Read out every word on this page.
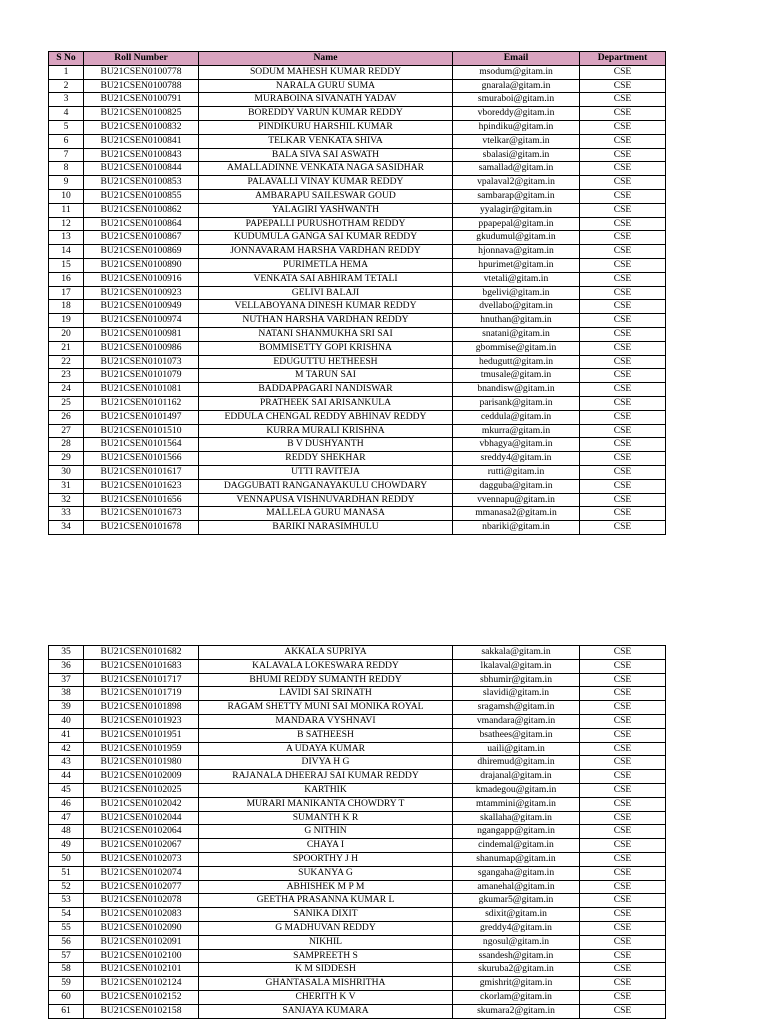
S No	Roll Number	Name	Email	Department
1	BU21CSEN0100778	SODUM MAHESH KUMAR REDDY	msodum@gitam.in	CSE
2	BU21CSEN0100788	NARALA GURU SUMA	gnarala@gitam.in	CSE
3	BU21CSEN0100791	MURABOINA SIVANATH YADAV	smuraboi@gitam.in	CSE
4	BU21CSEN0100825	BOREDDY VARUN KUMAR REDDY	vboreddy@gitam.in	CSE
5	BU21CSEN0100832	PINDIKURU HARSHIL KUMAR	hpindiku@gitam.in	CSE
6	BU21CSEN0100841	TELKAR VENKATA SHIVA	vtelkar@gitam.in	CSE
7	BU21CSEN0100843	BALA SIVA SAI ASWATH	sbalasi@gitam.in	CSE
8	BU21CSEN0100844	AMALLADINNE VENKATA NAGA SASIDHAR	samallad@gitam.in	CSE
9	BU21CSEN0100853	PALAVALLI VINAY KUMAR REDDY	vpalaval2@gitam.in	CSE
10	BU21CSEN0100855	AMBARAPU SAILESWAR GOUD	sambarap@gitam.in	CSE
11	BU21CSEN0100862	YALAGIRI YASHWANTH	yyalagir@gitam.in	CSE
12	BU21CSEN0100864	PAPEPALLI PURUSHOTHAM REDDY	ppapepal@gitam.in	CSE
13	BU21CSEN0100867	KUDUMULA GANGA SAI KUMAR REDDY	gkudumul@gitam.in	CSE
14	BU21CSEN0100869	JONNAVARAM HARSHA VARDHAN REDDY	hjonnava@gitam.in	CSE
15	BU21CSEN0100890	PURIMETLA HEMA	hpurimet@gitam.in	CSE
16	BU21CSEN0100916	VENKATA SAI ABHIRAM TETALI	vtetali@gitam.in	CSE
17	BU21CSEN0100923	GELIVI BALAJI	bgelivi@gitam.in	CSE
18	BU21CSEN0100949	VELLABOYANA DINESH KUMAR REDDY	dvellabo@gitam.in	CSE
19	BU21CSEN0100974	NUTHAN HARSHA VARDHAN REDDY	hnuthan@gitam.in	CSE
20	BU21CSEN0100981	NATANI SHANMUKHA SRI SAI	snatani@gitam.in	CSE
21	BU21CSEN0100986	BOMMISETTY GOPI KRISHNA	gbommise@gitam.in	CSE
22	BU21CSEN0101073	EDUGUTTU HETHEESH	hedugutt@gitam.in	CSE
23	BU21CSEN0101079	M TARUN SAI	tmusale@gitam.in	CSE
24	BU21CSEN0101081	BADDAPPAGARI NANDISWAR	bnandisw@gitam.in	CSE
25	BU21CSEN0101162	PRATHEEK SAI ARISANKULA	parisank@gitam.in	CSE
26	BU21CSEN0101497	EDDULA CHENGAL REDDY ABHINAV REDDY	ceddula@gitam.in	CSE
27	BU21CSEN0101510	KURRA MURALI KRISHNA	mkurra@gitam.in	CSE
28	BU21CSEN0101564	B V DUSHYANTH	vbhagya@gitam.in	CSE
29	BU21CSEN0101566	REDDY SHEKHAR	sreddy4@gitam.in	CSE
30	BU21CSEN0101617	UTTI RAVITEJA	rutti@gitam.in	CSE
31	BU21CSEN0101623	DAGGUBATI RANGANAYAKULU CHOWDARY	dagguba@gitam.in	CSE
32	BU21CSEN0101656	VENNAPUSA VISHNUVARDHAN REDDY	vvennapu@gitam.in	CSE
33	BU21CSEN0101673	MALLELA GURU MANASA	mmanasa2@gitam.in	CSE
34	BU21CSEN0101678	BARIKI NARASIMHULU	nbariki@gitam.in	CSE
35	BU21CSEN0101682	AKKALA SUPRIYA	sakkala@gitam.in	CSE
36	BU21CSEN0101683	KALAVALA LOKESWARA REDDY	lkalaval@gitam.in	CSE
37	BU21CSEN0101717	BHUMI REDDY SUMANTH REDDY	sbhumir@gitam.in	CSE
38	BU21CSEN0101719	LAVIDI SAI SRINATH	slavidi@gitam.in	CSE
39	BU21CSEN0101898	RAGAM SHETTY MUNI SAI MONIKA ROYAL	sragamsh@gitam.in	CSE
40	BU21CSEN0101923	MANDARA VYSHNAVI	vmandara@gitam.in	CSE
41	BU21CSEN0101951	B SATHEESH	bsathees@gitam.in	CSE
42	BU21CSEN0101959	A UDAYA KUMAR	uaili@gitam.in	CSE
43	BU21CSEN0101980	DIVYA H G	dhiremud@gitam.in	CSE
44	BU21CSEN0102009	RAJANALA DHEERAJ SAI KUMAR REDDY	drajanal@gitam.in	CSE
45	BU21CSEN0102025	KARTHIK	kmadegou@gitam.in	CSE
46	BU21CSEN0102042	MURARI MANIKANTA CHOWDRY T	mtammini@gitam.in	CSE
47	BU21CSEN0102044	SUMANTH K R	skallaha@gitam.in	CSE
48	BU21CSEN0102064	G NITHIN	ngangapp@gitam.in	CSE
49	BU21CSEN0102067	CHAYA I	cindemal@gitam.in	CSE
50	BU21CSEN0102073	SPOORTHY J H	shanumap@gitam.in	CSE
51	BU21CSEN0102074	SUKANYA G	sgangaha@gitam.in	CSE
52	BU21CSEN0102077	ABHISHEK M P M	amanehal@gitam.in	CSE
53	BU21CSEN0102078	GEETHA PRASANNA KUMAR L	gkumar5@gitam.in	CSE
54	BU21CSEN0102083	SANIKA DIXIT	sdixit@gitam.in	CSE
55	BU21CSEN0102090	G MADHUVAN REDDY	greddy4@gitam.in	CSE
56	BU21CSEN0102091	NIKHIL	ngosul@gitam.in	CSE
57	BU21CSEN0102100	SAMPREETH S	ssandesh@gitam.in	CSE
58	BU21CSEN0102101	K M SIDDESH	skuruba2@gitam.in	CSE
59	BU21CSEN0102124	GHANTASALA MISHRITHA	gmishrit@gitam.in	CSE
60	BU21CSEN0102152	CHERITH K V	ckorlam@gitam.in	CSE
61	BU21CSEN0102158	SANJAYA KUMARA	skumara2@gitam.in	CSE
